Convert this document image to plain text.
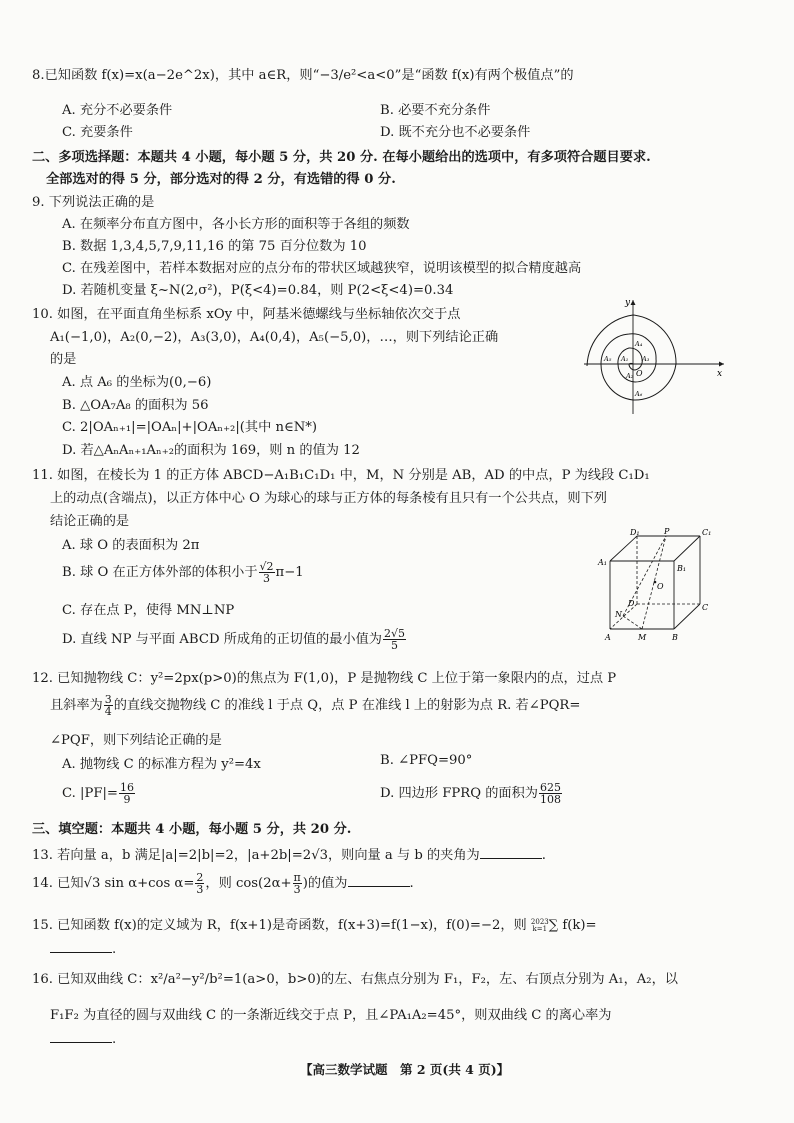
8.已知函数 f(x)=x(a−2e^2x)，其中 a∈R，则“−3/e²<a<0”是“函数 f(x)有两个极值点”的
A. 充分不必要条件	B. 必要不充分条件
C. 充要条件	D. 既不充分也不必要条件
二、多项选择题：本题共 4 小题，每小题 5 分，共 20 分. 在每小题给出的选项中，有多项符合题目要求.
全部选对的得 5 分，部分选对的得 2 分，有选错的得 0 分.
9. 下列说法正确的是
A. 在频率分布直方图中，各小长方形的面积等于各组的频数
B. 数据 1,3,4,5,7,9,11,16 的第 75 百分位数为 10
C. 在残差图中，若样本数据对应的点分布的带状区域越狭窄，说明该模型的拟合精度越高
D. 若随机变量 ξ~N(2,σ²)，P(ξ<4)=0.84，则 P(2<ξ<4)=0.34
10. 如图，在平面直角坐标系 xOy 中，阿基米德螺线与坐标轴依次交于点
A₁(−1,0)，A₂(0,−2)，A₃(3,0)，A₄(0,4)，A₅(−5,0)，…，则下列结论正确
的是
A. 点 A₆ 的坐标为(0,−6)
B. △OA₇A₈ 的面积为 56
C. 2|OAₙ₊₁|=|OAₙ|+|OAₙ₊₂|(其中 n∈N*)
D. 若△AₙAₙ₊₁Aₙ₊₂的面积为 169，则 n 的值为 12
y
x
O
A₁
A₂
A₃
A₄
A₅
A₆
11. 如图，在棱长为 1 的正方体 ABCD−A₁B₁C₁D₁ 中，M，N 分别是 AB，AD 的中点，P 为线段 C₁D₁
上的动点(含端点)，以正方体中心 O 为球心的球与正方体的每条棱有且只有一个公共点，则下列
结论正确的是
A. 球 O 的表面积为 2π
B. 球 O 在正方体外部的体积小于 $\frac{√2}{3} \pi-1$
C. 存在点 P，使得 MN⊥NP
D. 直线 NP 与平面 ABCD 所成角的正切值的最小值为 $\frac{2√5}{5}$
D₁	P	C₁
A₁
B₁
O
D	C
N
A	M	B
12. 已知抛物线 C：y²=2px(p>0)的焦点为 F(1,0)，P 是抛物线 C 上位于第一象限内的点，过点 P
且斜率为 $\frac{3}{4}$ 的直线交抛物线 C 的准线 l 于点 Q，点 P 在准线 l 上的射影为点 R. 若∠PQR=
∠PQF，则下列结论正确的是
A. 抛物线 C 的标准方程为 y²=4x	B. ∠PFQ=90°
C. $|PF|= \frac{16}{9}$	D. 四边形 FPRQ 的面积为 $\frac{625}{108}$
三、填空题：本题共 4 小题，每小题 5 分，共 20 分.
13. 若向量 a，b 满足|a|=2|b|=2，|a+2b|=2√3，则向量 a 与 b 的夹角为	.
14. 已知√3 sin α+cos $\alpha= \frac{2}{3}$ ，则 $\cos(2\alpha+ \frac{\pi}{3}$ )的值为	.
15. 已知函数 f(x)的定义域为 R，f(x+1)是奇函数，f(x+3)=f(1−x)，f(0)=−2，则 2023
k=1 ∑ f(k)=
.
16. 已知双曲线 C：x²/a²−y²/b²=1(a>0，b>0)的左、右焦点分别为 F₁，F₂，左、右顶点分别为 A₁，A₂，以
F₁F₂ 为直径的圆与双曲线 C 的一条渐近线交于点 P，且∠PA₁A₂=45°，则双曲线 C 的离心率为
.
【高三数学试题　第 2 页(共 4 页)】
